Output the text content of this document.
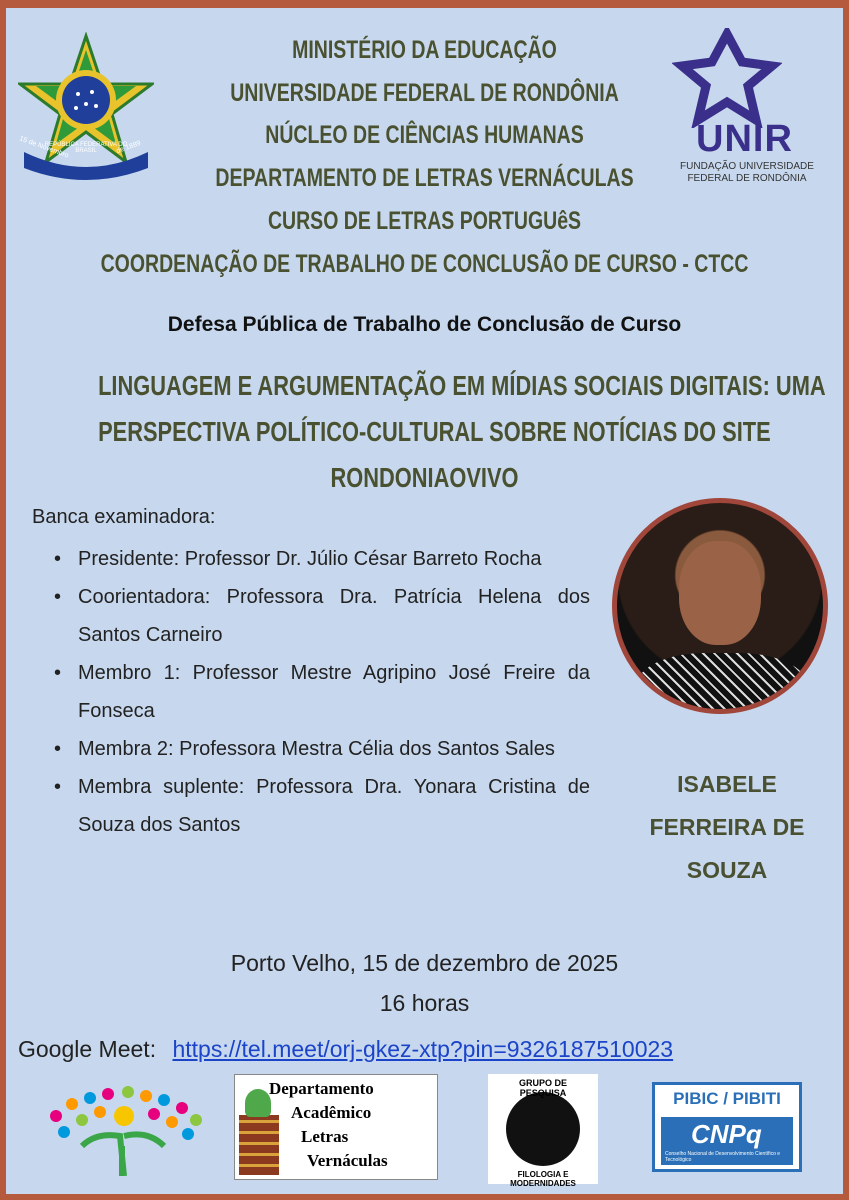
REPÚBLICA FEDERATIVA DO BRASIL
15 de Novembro	de 1889
MINISTÉRIO DA EDUCAÇÃO
UNIVERSIDADE FEDERAL DE RONDÔNIA
NÚCLEO DE CIÊNCIAS HUMANAS
DEPARTAMENTO DE LETRAS VERNÁCULAS
CURSO DE LETRAS PORTUGUêS
COORDENAÇÃO DE TRABALHO DE CONCLUSÃO DE CURSO - CTCC
UNIR
FUNDAÇÃO UNIVERSIDADE
FEDERAL DE RONDÔNIA
Defesa Pública de Trabalho de Conclusão de Curso
LINGUAGEM E ARGUMENTAÇÃO EM MÍDIAS SOCIAIS DIGITAIS: UMA
PERSPECTIVA POLÍTICO-CULTURAL SOBRE NOTÍCIAS DO SITE
RONDONIAOVIVO
Banca examinadora:
• Presidente: Professor Dr. Júlio César Barreto Rocha
• Coorientadora: Professora Dra. Patrícia Helena dos Santos Carneiro
• Membro 1: Professor Mestre Agripino José Freire da Fonseca
• Membra 2: Professora Mestra Célia dos Santos Sales
• Membra suplente: Professora Dra. Yonara Cristina de Souza dos Santos
ISABELE
FERREIRA DE
SOUZA
Porto Velho, 15 de dezembro de 2025
16 horas
Google Meet: https://tel.meet/orj-gkez-xtp?pin=9326187510023
Departamento
Acadêmico
Letras
Vernáculas
GRUPO DE PESQUISA
FILOLOGIA E MODERNIDADES
PIBIC / PIBITI
CNPq
Conselho Nacional de Desenvolvimento Científico e Tecnológico
